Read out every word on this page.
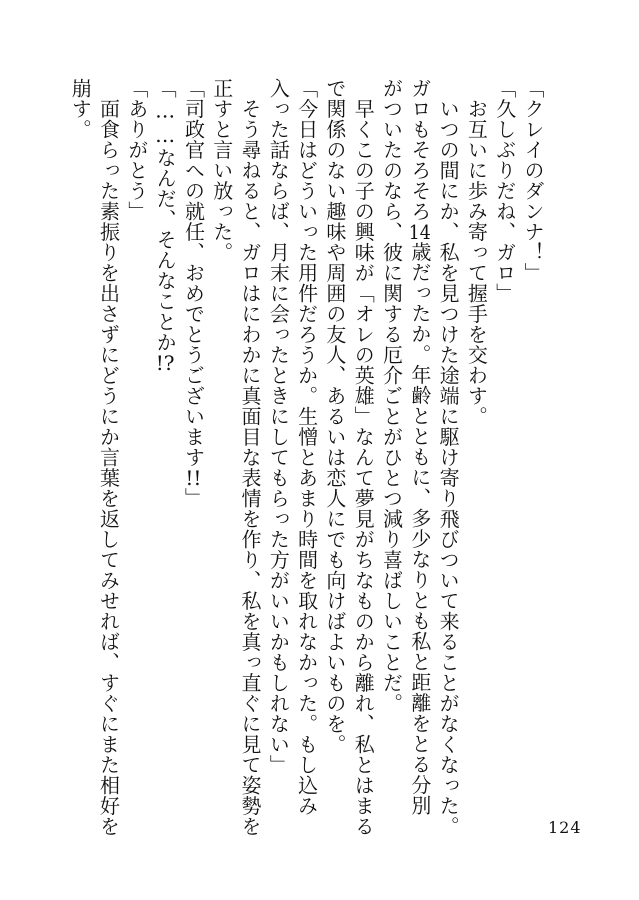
「クレイのダンナ！」
「久しぶりだね、ガロ」
　お互いに歩み寄って握手を交わす。
　いつの間にか、私を見つけた途端に駆け寄り飛びついて来ることがなくなった。
ガロもそろそろ14歳だったか。年齢とともに、多少なりとも私と距離をとる分別
がついたのなら、彼に関する厄介ごとがひとつ減り喜ばしいことだ。
　早くこの子の興味が「オレの英雄」なんて夢見がちなものから離れ、私とはまる
で関係のない趣味や周囲の友人、あるいは恋人にでも向けばよいものを。
「今日はどういった用件だろうか。生憎とあまり時間を取れなかった。もし込み
入った話ならば、月末に会ったときにしてもらった方がいいかもしれない」
　そう尋ねると、ガロはにわかに真面目な表情を作り、私を真っ直ぐに見て姿勢を
正すと言い放った。
「司政官への就任、おめでとうございます!!」
「……なんだ、そんなことか!?
「ありがとう」
　面食らった素振りを出さずにどうにか言葉を返してみせれば、すぐにまた相好を
崩す。
124
